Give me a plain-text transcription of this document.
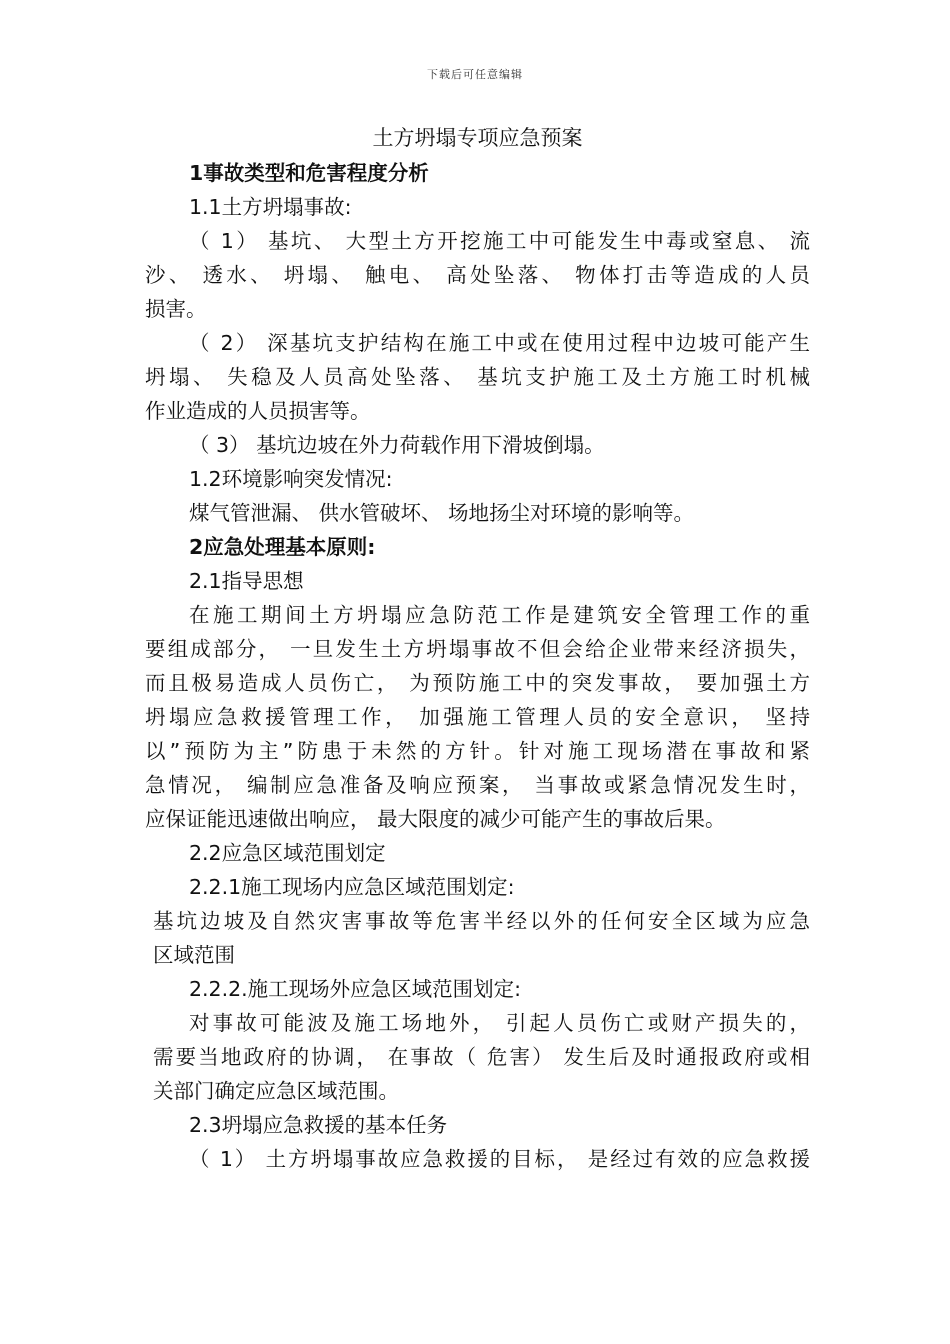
下载后可任意编辑
土方坍塌专项应急预案
1事故类型和危害程度分析
1.1土方坍塌事故:
（ 1） 基坑、 大型土方开挖施工中可能发生中毒或窒息、 流
沙、 透水、 坍塌、 触电、 高处坠落、 物体打击等造成的人员
损害。
（ 2） 深基坑支护结构在施工中或在使用过程中边坡可能产生
坍塌、 失稳及人员高处坠落、 基坑支护施工及土方施工时机械
作业造成的人员损害等。
（ 3） 基坑边坡在外力荷载作用下滑坡倒塌。
1.2环境影响突发情况:
煤气管泄漏、 供水管破坏、 场地扬尘对环境的影响等。
2应急处理基本原则:
2.1指导思想
在施工期间土方坍塌应急防范工作是建筑安全管理工作的重
要组成部分， 一旦发生土方坍塌事故不但会给企业带来经济损失，
而且极易造成人员伤亡， 为预防施工中的突发事故， 要加强土方
坍塌应急救援管理工作， 加强施工管理人员的安全意识， 坚持
以”预防为主”防患于未然的方针。针对施工现场潜在事故和紧
急情况， 编制应急准备及响应预案， 当事故或紧急情况发生时，
应保证能迅速做出响应， 最大限度的减少可能产生的事故后果。
2.2应急区域范围划定
2.2.1施工现场内应急区域范围划定:
基坑边坡及自然灾害事故等危害半经以外的任何安全区域为应急
区域范围
2.2.2.施工现场外应急区域范围划定:
对事故可能波及施工场地外， 引起人员伤亡或财产损失的，
需要当地政府的协调， 在事故（ 危害） 发生后及时通报政府或相
关部门确定应急区域范围。
2.3坍塌应急救援的基本任务
（ 1） 土方坍塌事故应急救援的目标， 是经过有效的应急救援
